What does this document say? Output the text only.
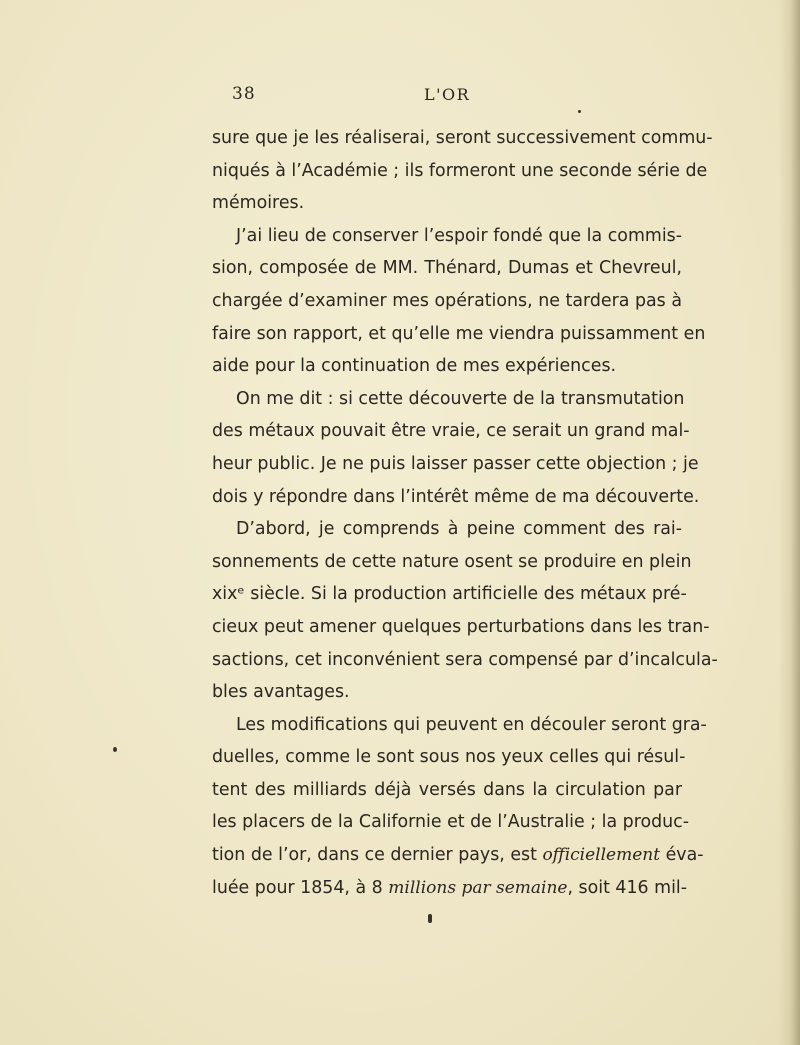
38	L'OR
sure que je les réaliserai, seront successivement commu-
niqués à l’Académie ; ils formeront une seconde série de
mémoires.
J’ai lieu de conserver l’espoir fondé que la commis-
sion, composée de MM. Thénard, Dumas et Chevreul,
chargée d’examiner mes opérations, ne tardera pas à
faire son rapport, et qu’elle me viendra puissamment en
aide pour la continuation de mes expériences.
On me dit : si cette découverte de la transmutation
des métaux pouvait être vraie, ce serait un grand mal-
heur public. Je ne puis laisser passer cette objection ; je
dois y répondre dans l’intérêt même de ma découverte.
D’abord, je comprends à peine comment des rai-
sonnements de cette nature osent se produire en plein
xixᵉ siècle. Si la production artificielle des métaux pré-
cieux peut amener quelques perturbations dans les tran-
sactions, cet inconvénient sera compensé par d’incalcula-
bles avantages.
Les modifications qui peuvent en découler seront gra-
duelles, comme le sont sous nos yeux celles qui résul-
tent des milliards déjà versés dans la circulation par
les placers de la Californie et de l’Australie ; la produc-
tion de l’or, dans ce dernier pays, est officiellement éva-
luée pour 1854, à 8 millions par semaine, soit 416 mil-
